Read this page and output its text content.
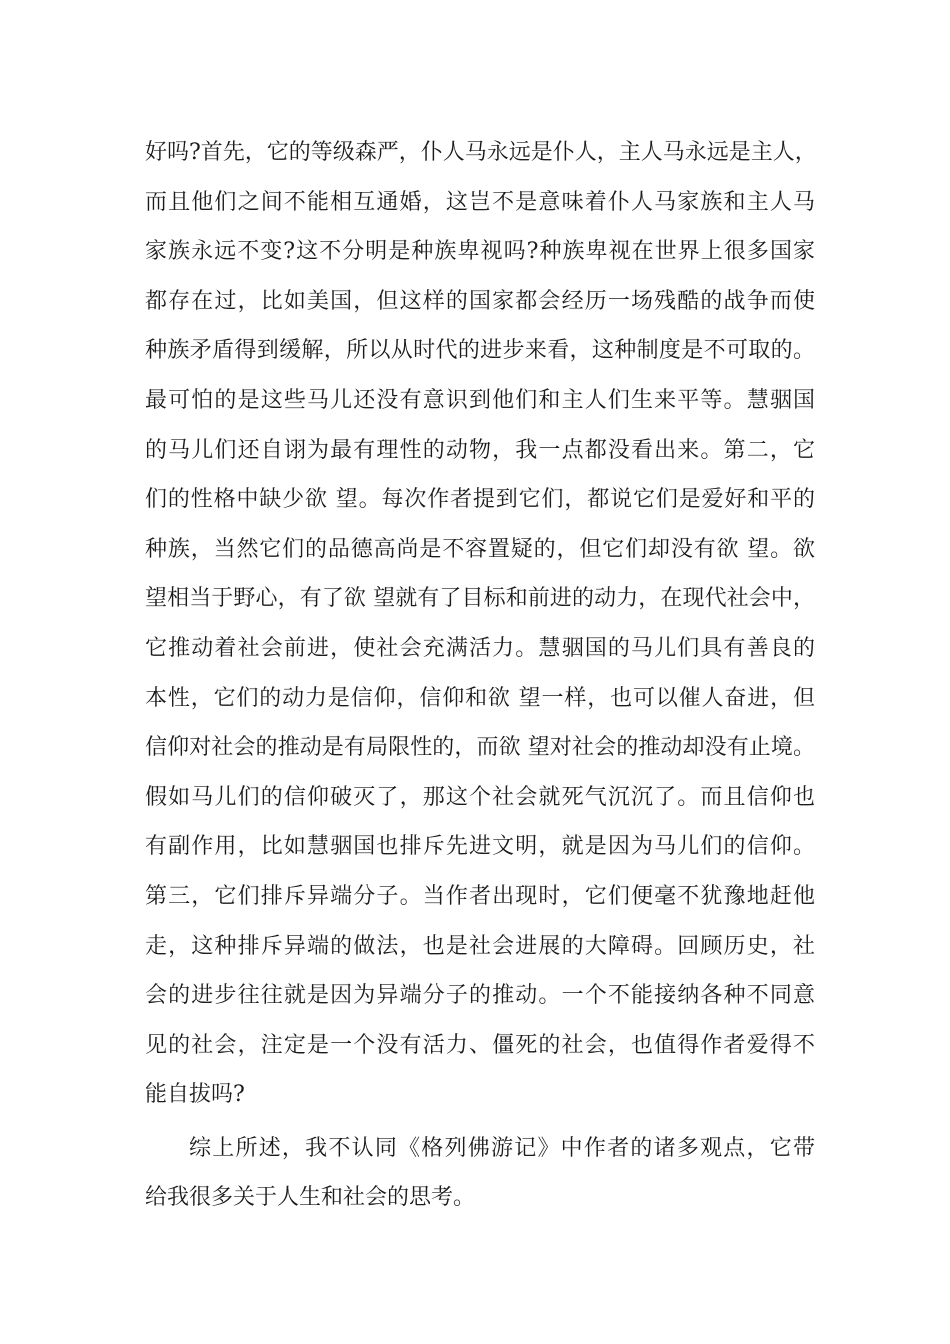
好吗?首先，它的等级森严，仆人马永远是仆人，主人马永远是主人，
而且他们之间不能相互通婚，这岂不是意味着仆人马家族和主人马
家族永远不变?这不分明是种族卑视吗?种族卑视在世界上很多国家
都存在过，比如美国，但这样的国家都会经历一场残酷的战争而使
种族矛盾得到缓解，所以从时代的进步来看，这种制度是不可取的。
最可怕的是这些马儿还没有意识到他们和主人们生来平等。慧骃国
的马儿们还自诩为最有理性的动物，我一点都没看出来。第二，它
们的性格中缺少欲 望。每次作者提到它们，都说它们是爱好和平的
种族，当然它们的品德高尚是不容置疑的，但它们却没有欲 望。欲
望相当于野心，有了欲 望就有了目标和前进的动力，在现代社会中，
它推动着社会前进，使社会充满活力。慧骃国的马儿们具有善良的
本性，它们的动力是信仰，信仰和欲 望一样，也可以催人奋进，但
信仰对社会的推动是有局限性的，而欲 望对社会的推动却没有止境。
假如马儿们的信仰破灭了，那这个社会就死气沉沉了。而且信仰也
有副作用，比如慧骃国也排斥先进文明，就是因为马儿们的信仰。
第三，它们排斥异端分子。当作者出现时，它们便毫不犹豫地赶他
走，这种排斥异端的做法，也是社会进展的大障碍。回顾历史，社
会的进步往往就是因为异端分子的推动。一个不能接纳各种不同意
见的社会，注定是一个没有活力、僵死的社会，也值得作者爱得不
能自拔吗?
综上所述，我不认同《格列佛游记》中作者的诸多观点，它带
给我很多关于人生和社会的思考。
